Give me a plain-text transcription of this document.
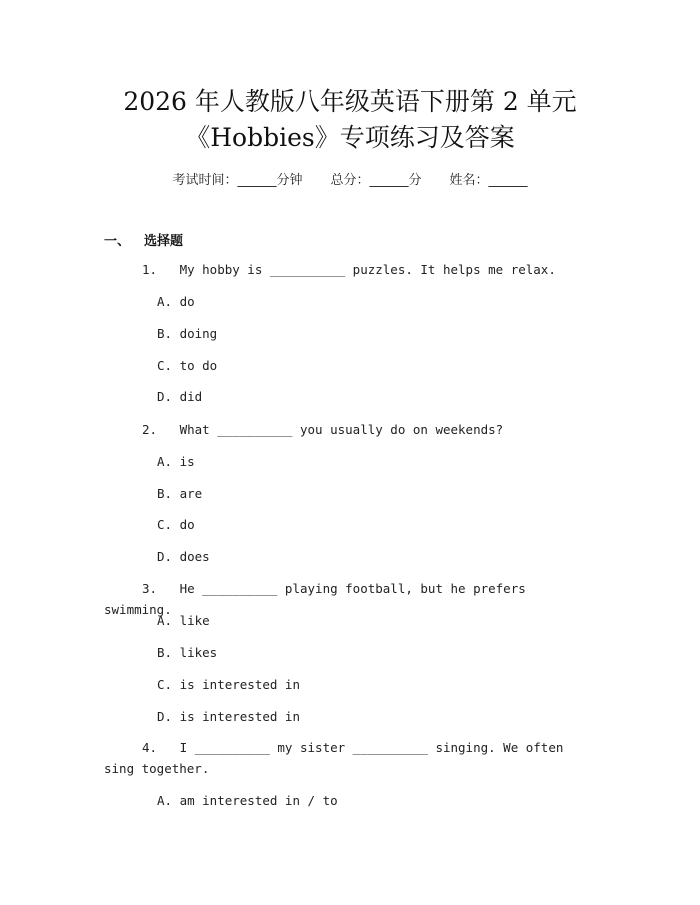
2026 年人教版八年级英语下册第 2 单元
《Hobbies》专项练习及答案
考试时间：______分钟 总分：______分 姓名：______
一、 选择题
1. My hobby is __________ puzzles. It helps me relax.
A. do
B. doing
C. to do
D. did
2. What __________ you usually do on weekends?
A. is
B. are
C. do
D. does
3. He __________ playing football, but he prefers swimming.
A. like
B. likes
C. is interested in
D. is interested in
4. I __________ my sister __________ singing. We often sing together.
A. am interested in / to
